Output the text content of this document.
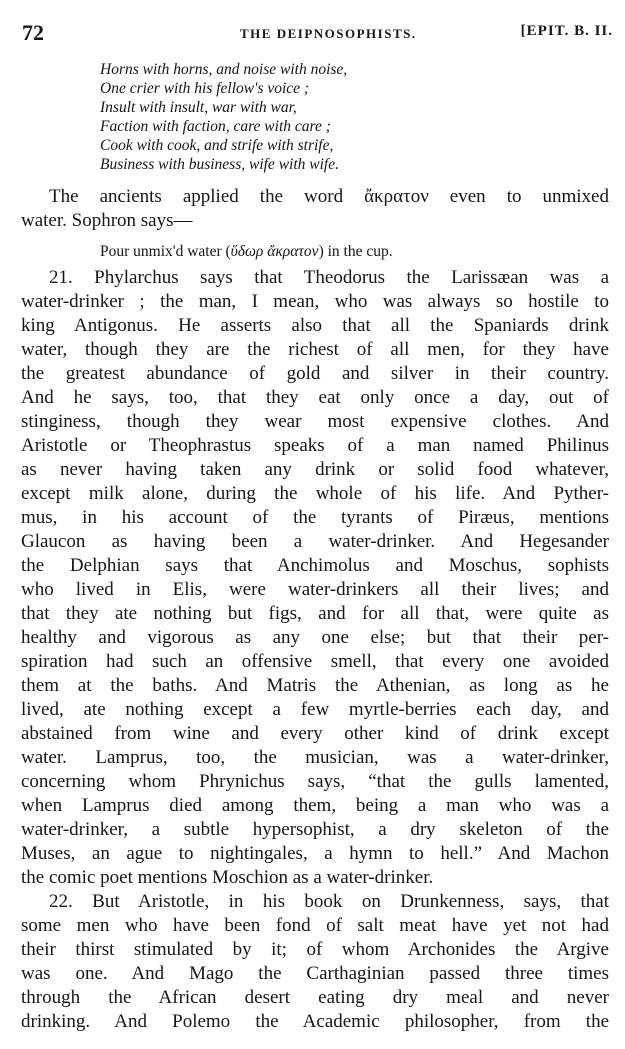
72	THE DEIPNOSOPHISTS.	[EPIT. B. II.
Horns with horns, and noise with noise,
One crier with his fellow's voice ;
Insult with insult, war with war,
Faction with faction, care with care ;
Cook with cook, and strife with strife,
Business with business, wife with wife.
The ancients applied the word ἄκρατον even to unmixed
water. Sophron says—
Pour unmix'd water (ὕδωρ ἄκρατον) in the cup.
21. Phylarchus says that Theodorus the Larissæan was a
water-drinker ; the man, I mean, who was always so hostile to
king Antigonus. He asserts also that all the Spaniards drink
water, though they are the richest of all men, for they have
the greatest abundance of gold and silver in their country.
And he says, too, that they eat only once a day, out of
stinginess, though they wear most expensive clothes. And
Aristotle or Theophrastus speaks of a man named Philinus
as never having taken any drink or solid food whatever,
except milk alone, during the whole of his life. And Pyther-
mus, in his account of the tyrants of Piræus, mentions
Glaucon as having been a water-drinker. And Hegesander
the Delphian says that Anchimolus and Moschus, sophists
who lived in Elis, were water-drinkers all their lives; and
that they ate nothing but figs, and for all that, were quite as
healthy and vigorous as any one else; but that their per-
spiration had such an offensive smell, that every one avoided
them at the baths. And Matris the Athenian, as long as he
lived, ate nothing except a few myrtle-berries each day, and
abstained from wine and every other kind of drink except
water. Lamprus, too, the musician, was a water-drinker,
concerning whom Phrynichus says, “that the gulls lamented,
when Lamprus died among them, being a man who was a
water-drinker, a subtle hypersophist, a dry skeleton of the
Muses, an ague to nightingales, a hymn to hell.” And Machon
the comic poet mentions Moschion as a water-drinker.
22. But Aristotle, in his book on Drunkenness, says, that
some men who have been fond of salt meat have yet not had
their thirst stimulated by it; of whom Archonides the Argive
was one. And Mago the Carthaginian passed three times
through the African desert eating dry meal and never
drinking. And Polemo the Academic philosopher, from the
